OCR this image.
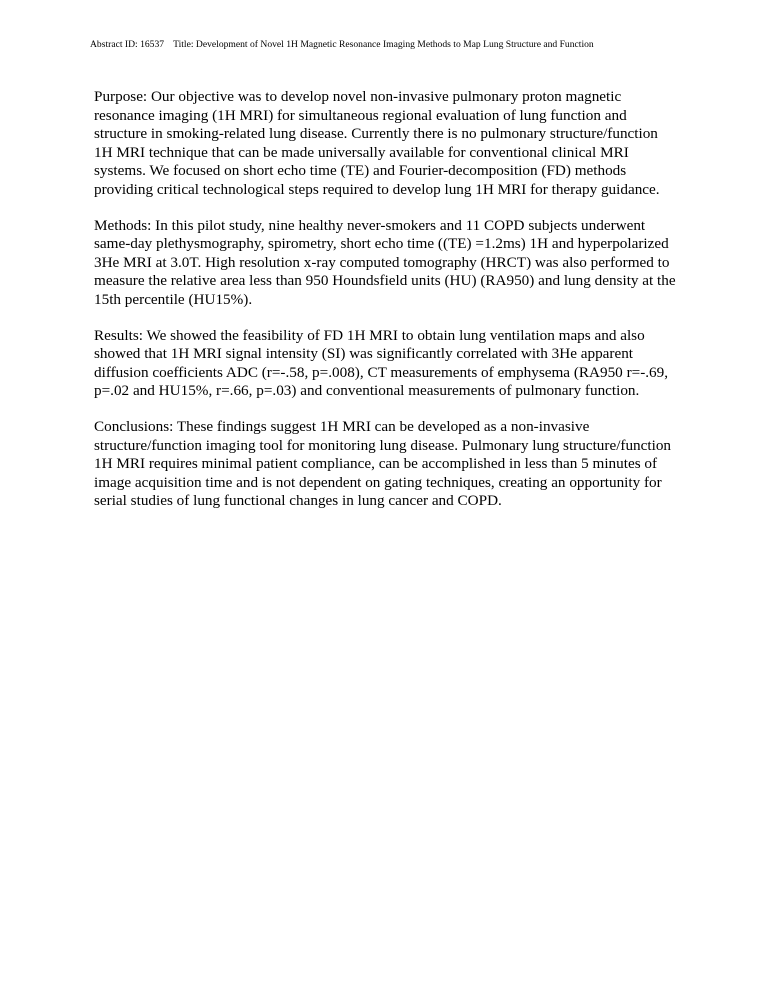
Abstract ID: 16537 Title: Development of Novel 1H Magnetic Resonance Imaging Methods to Map Lung Structure and Function

Purpose: Our objective was to develop novel non-invasive pulmonary proton magnetic
resonance imaging (1H MRI) for simultaneous regional evaluation of lung function and
structure in smoking-related lung disease. Currently there is no pulmonary structure/function
1H MRI technique that can be made universally available for conventional clinical MRI
systems. We focused on short echo time (TE) and Fourier-decomposition (FD) methods
providing critical technological steps required to develop lung 1H MRI for therapy guidance.

Methods: In this pilot study, nine healthy never-smokers and 11 COPD subjects underwent
same-day plethysmography, spirometry, short echo time ((TE) =1.2ms) 1H and hyperpolarized
3He MRI at 3.0T. High resolution x-ray computed tomography (HRCT) was also performed to
measure the relative area less than 950 Houndsfield units (HU) (RA950) and lung density at the
15th percentile (HU15%).

Results: We showed the feasibility of FD 1H MRI to obtain lung ventilation maps and also
showed that 1H MRI signal intensity (SI) was significantly correlated with 3He apparent
diffusion coefficients ADC (r=-.58, p=.008), CT measurements of emphysema (RA950 r=-.69,
p=.02 and HU15%, r=.66, p=.03) and conventional measurements of pulmonary function.

Conclusions: These findings suggest 1H MRI can be developed as a non-invasive
structure/function imaging tool for monitoring lung disease. Pulmonary lung structure/function
1H MRI requires minimal patient compliance, can be accomplished in less than 5 minutes of
image acquisition time and is not dependent on gating techniques, creating an opportunity for
serial studies of lung functional changes in lung cancer and COPD.
